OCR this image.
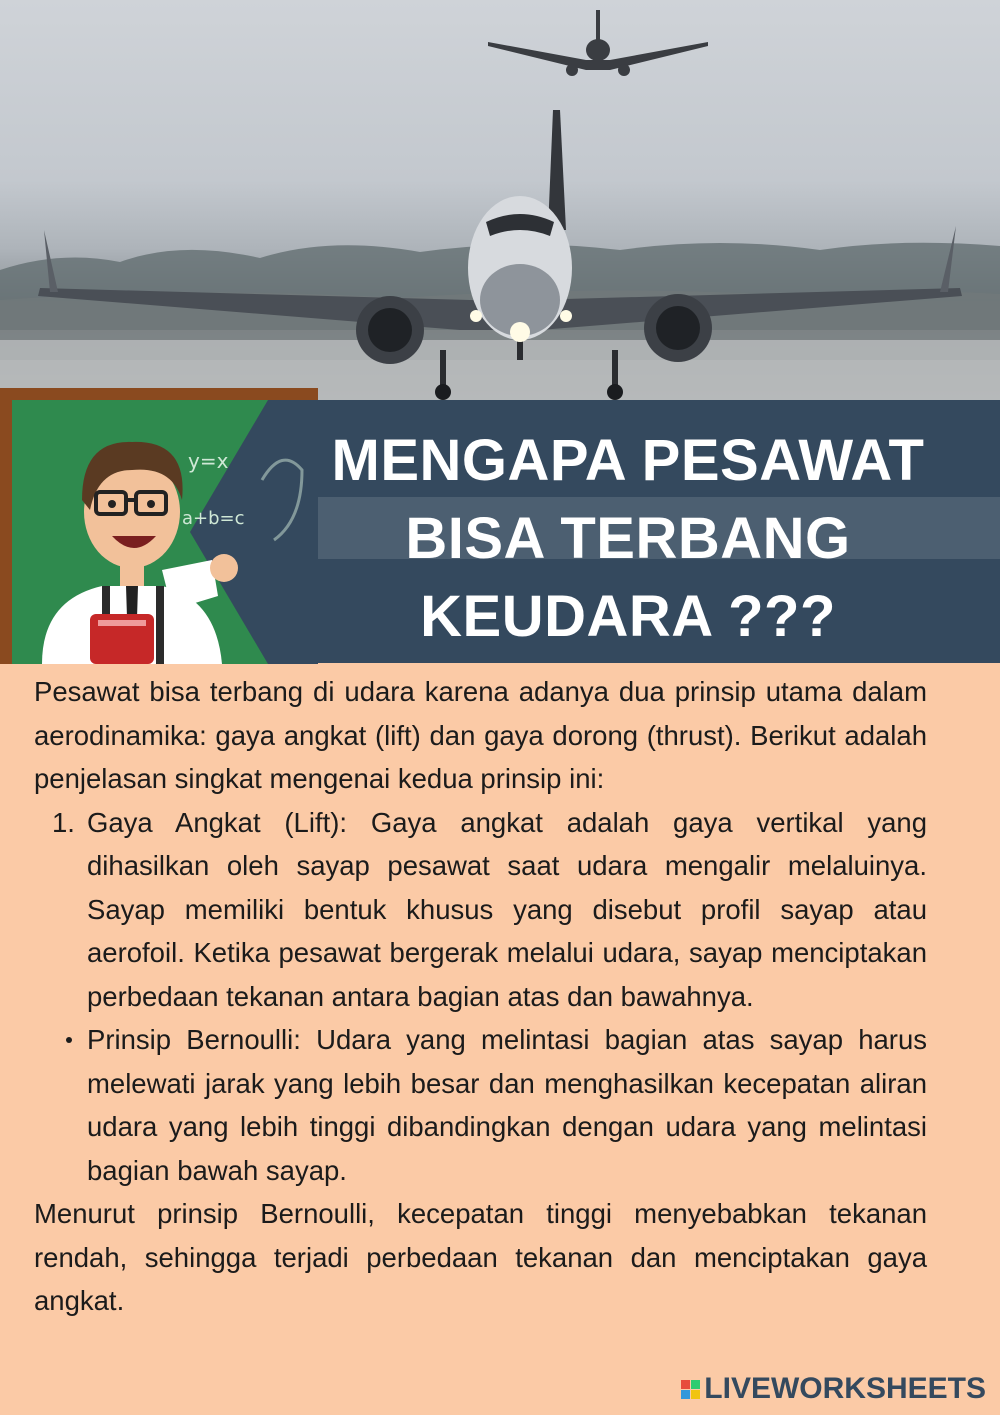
y=x
a+b=c
MENGAPA PESAWAT
BISA TERBANG
KEUDARA ???

Pesawat bisa terbang di udara karena adanya dua prinsip utama dalam aerodinamika: gaya angkat (lift) dan gaya dorong (thrust). Berikut adalah penjelasan singkat mengenai kedua prinsip ini:

1. Gaya Angkat (Lift): Gaya angkat adalah gaya vertikal yang dihasilkan oleh sayap pesawat saat udara mengalir melaluinya. Sayap memiliki bentuk khusus yang disebut profil sayap atau aerofoil. Ketika pesawat bergerak melalui udara, sayap menciptakan perbedaan tekanan antara bagian atas dan bawahnya.
Prinsip Bernoulli: Udara yang melintasi bagian atas sayap harus melewati jarak yang lebih besar dan menghasilkan kecepatan aliran udara yang lebih tinggi dibandingkan dengan udara yang melintasi bagian bawah sayap.

Menurut prinsip Bernoulli, kecepatan tinggi menyebabkan tekanan rendah, sehingga terjadi perbedaan tekanan dan menciptakan gaya angkat.

LIVEWORKSHEETS
